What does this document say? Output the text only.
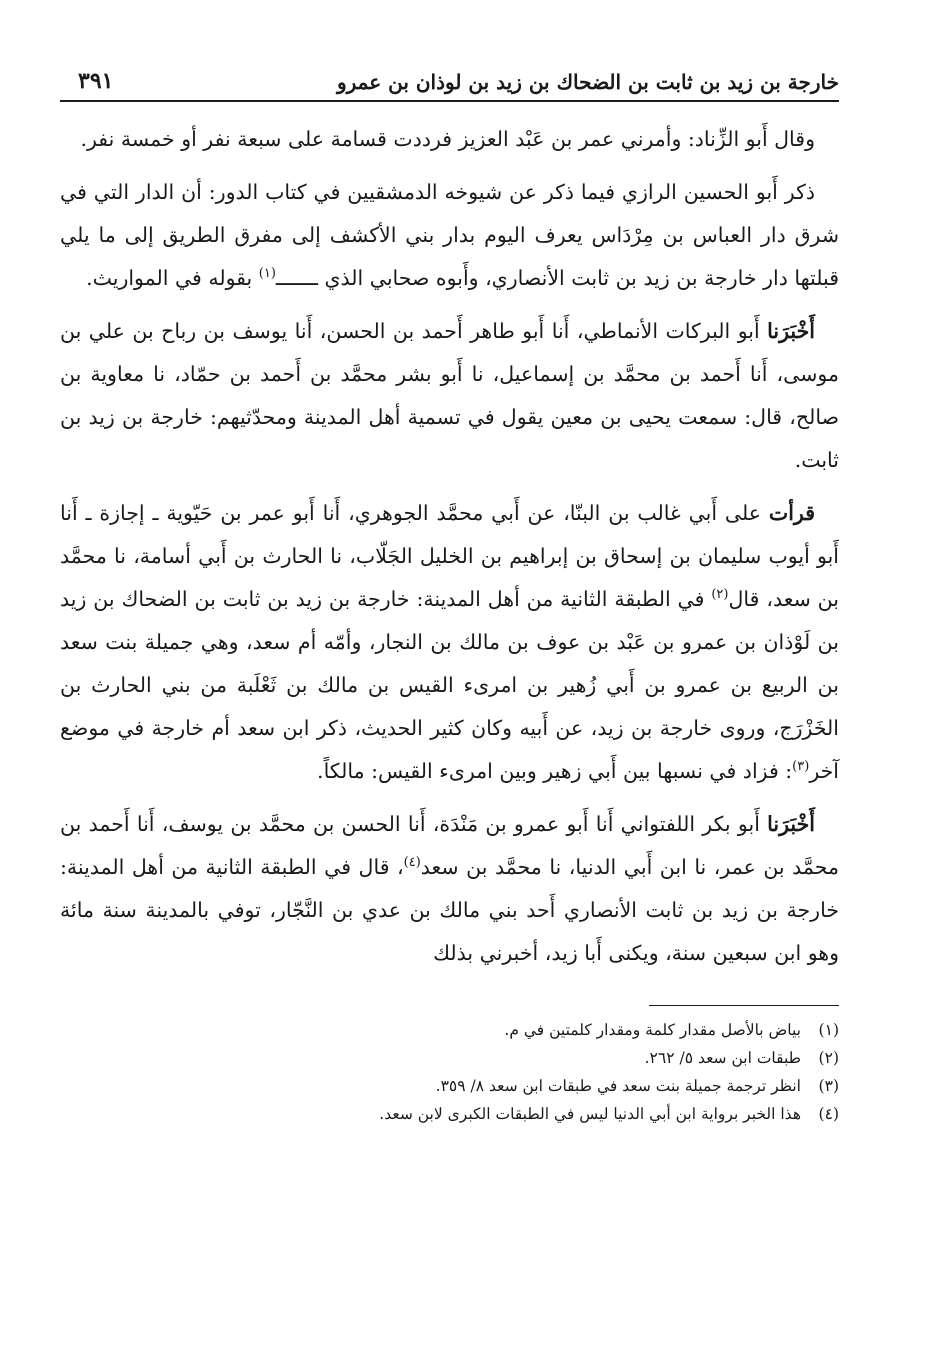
خارجة بن زيد بن ثابت بن الضحاك بن زيد بن لوذان بن عمرو
٣٩١

وقال أَبو الزِّناد: وأمرني عمر بن عَبْد العزيز فرددت قسامة على سبعة نفر أو خمسة نفر.

ذكر أَبو الحسين الرازي فيما ذكر عن شيوخه الدمشقيين في كتاب الدور: أن الدار التي في شرق دار العباس بن مِرْدَاس يعرف اليوم بدار بني الأكشف إلى مفرق الطريق إلى ما يلي قبلتها دار خارجة بن زيد بن ثابت الأنصاري، وأَبوه صحابي الذي ـــــــ$^{(١)}$ بقوله في المواريث.

أَخْبَرَنا أَبو البركات الأنماطي، أَنا أَبو طاهر أَحمد بن الحسن، أَنا يوسف بن رباح بن علي بن موسى، أَنا أَحمد بن محمَّد بن إسماعيل، نا أَبو بشر محمَّد بن أَحمد بن حمّاد، نا معاوية بن صالح، قال: سمعت يحيى بن معين يقول في تسمية أهل المدينة ومحدّثيهم: خارجة بن زيد بن ثابت.

قرأت على أَبي غالب بن البنّا، عن أَبي محمَّد الجوهري، أَنا أَبو عمر بن حَيّوية ـ إجازة ـ أَنا أَبو أيوب سليمان بن إسحاق بن إبراهيم بن الخليل الجَلّاب، نا الحارث بن أَبي أسامة، نا محمَّد بن سعد، قال$^{(٢)}$ في الطبقة الثانية من أهل المدينة: خارجة بن زيد بن ثابت بن الضحاك بن زيد بن لَوْذان بن عمرو بن عَبْد بن عوف بن مالك بن النجار، وأمّه أم سعد، وهي جميلة بنت سعد بن الربيع بن عمرو بن أَبي زُهير بن امرىء القيس بن مالك بن ثَعْلَبة من بني الحارث بن الخَزْرَج، وروى خارجة بن زيد، عن أَبيه وكان كثير الحديث، ذكر ابن سعد أم خارجة في موضع آخر$^{(٣)}$: فزاد في نسبها بين أَبي زهير وبين امرىء القيس: مالكاً.

أَخْبَرَنا أَبو بكر اللفتواني أَنا أَبو عمرو بن مَنْدَة، أَنا الحسن بن محمَّد بن يوسف، أَنا أَحمد بن محمَّد بن عمر، نا ابن أَبي الدنيا، نا محمَّد بن سعد$^{(٤)}$، قال في الطبقة الثانية من أهل المدينة: خارجة بن زيد بن ثابت الأنصاري أَحد بني مالك بن عدي بن النَّجّار، توفي بالمدينة سنة مائة وهو ابن سبعين سنة، ويكنى أَبا زيد، أخبرني بذلك

(١)
بياض بالأصل مقدار كلمة ومقدار كلمتين في م.
(٢)
طبقات ابن سعد ٥/ ٢٦٢.
(٣)
انظر ترجمة جميلة بنت سعد في طبقات ابن سعد ٨/ ٣٥٩.
(٤)
هذا الخبر برواية ابن أبي الدنيا ليس في الطبقات الكبرى لابن سعد.
